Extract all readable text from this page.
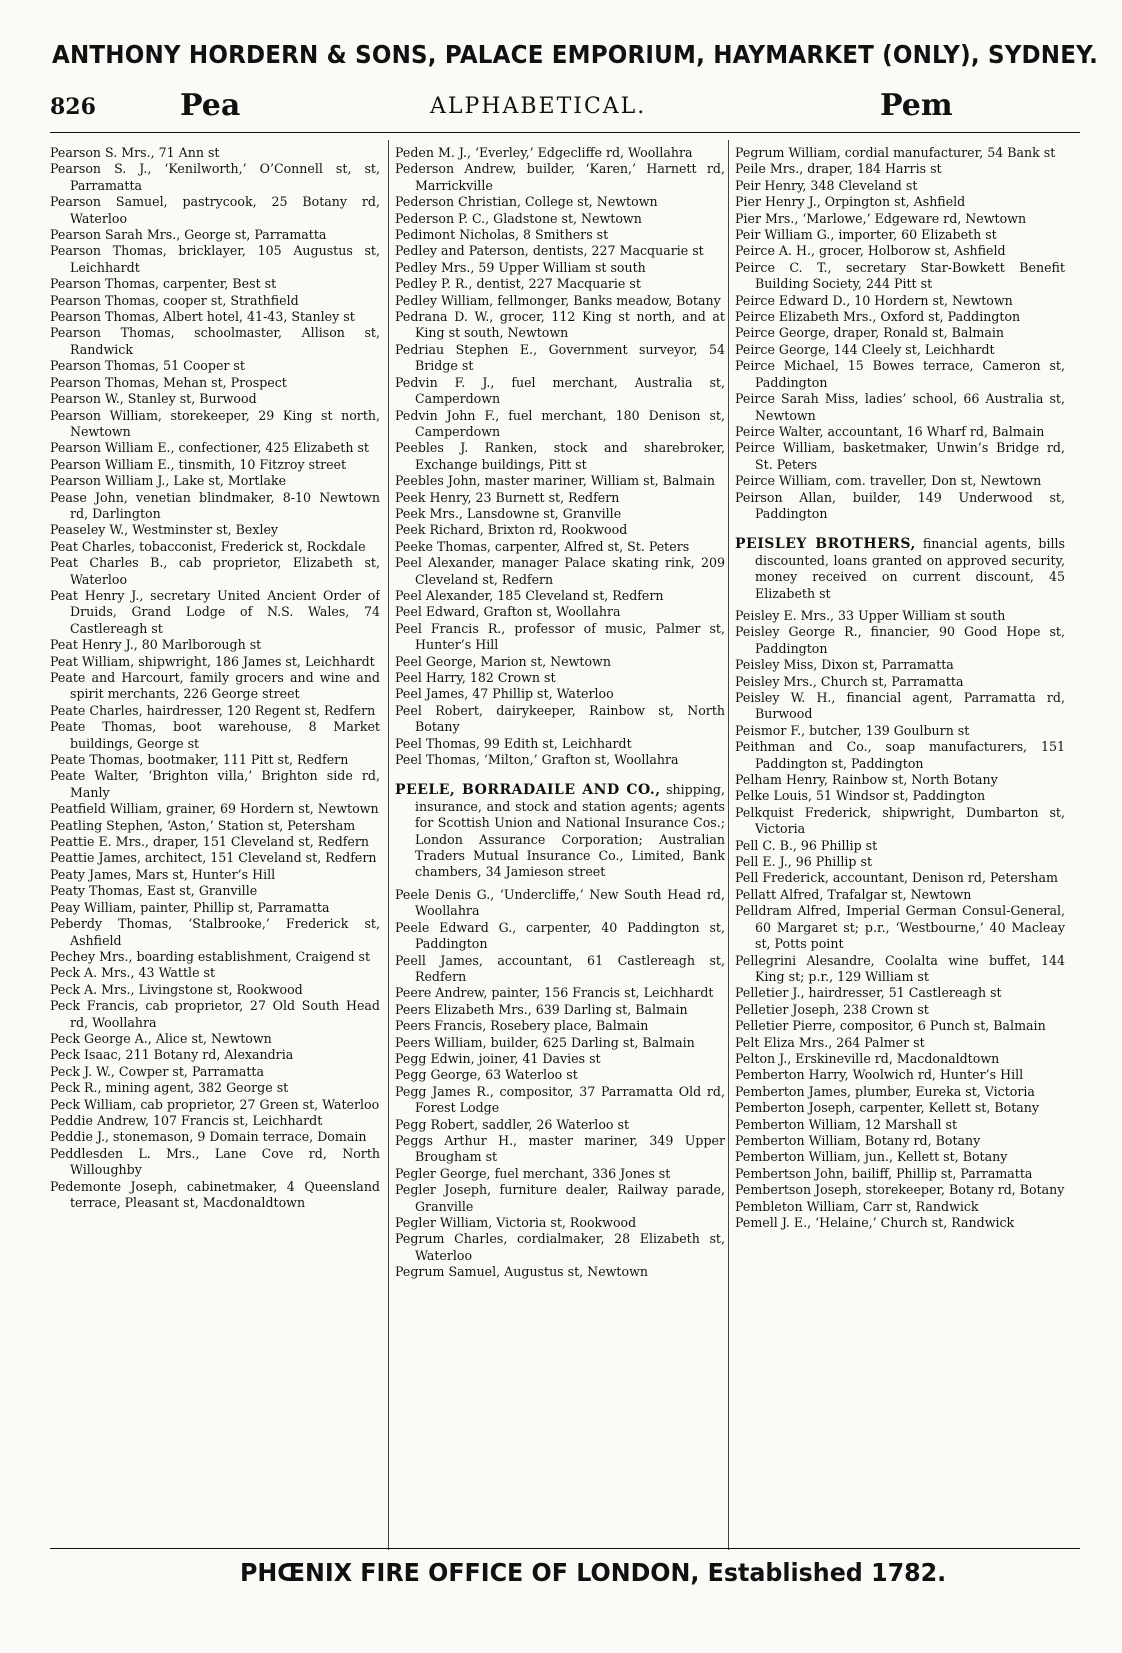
ANTHONY HORDERN & SONS, PALACE EMPORIUM, HAYMARKET (ONLY), SYDNEY.
826	Pea	ALPHABETICAL.	Pem

Pearson S. Mrs., 71 Ann st

Pearson S. J., ‘Kenilworth,’ O’Connell st, st, Parramatta

Pearson Samuel, pastrycook, 25 Botany rd, Waterloo

Pearson Sarah Mrs., George st, Parramatta

Pearson Thomas, bricklayer, 105 Augustus st, Leichhardt

Pearson Thomas, carpenter, Best st

Pearson Thomas, cooper st, Strathfield

Pearson Thomas, Albert hotel, 41-43, Stanley st

Pearson Thomas, schoolmaster, Allison st, Randwick

Pearson Thomas, 51 Cooper st

Pearson Thomas, Mehan st, Prospect

Pearson W., Stanley st, Burwood

Pearson William, storekeeper, 29 King st north, Newtown

Pearson William E., confectioner, 425 Elizabeth st

Pearson William E., tinsmith, 10 Fitzroy street

Pearson William J., Lake st, Mortlake

Pease John, venetian blindmaker, 8-10 Newtown rd, Darlington

Peaseley W., Westminster st, Bexley

Peat Charles, tobacconist, Frederick st, Rockdale

Peat Charles B., cab proprietor, Elizabeth st, Waterloo

Peat Henry J., secretary United Ancient Order of Druids, Grand Lodge of N.S. Wales, 74 Castlereagh st

Peat Henry J., 80 Marlborough st

Peat William, shipwright, 186 James st, Leichhardt

Peate and Harcourt, family grocers and wine and spirit merchants, 226 George street

Peate Charles, hairdresser, 120 Regent st, Redfern

Peate Thomas, boot warehouse, 8 Market buildings, George st

Peate Thomas, bootmaker, 111 Pitt st, Redfern

Peate Walter, ‘Brighton villa,’ Brighton side rd, Manly

Peatfield William, grainer, 69 Hordern st, Newtown

Peatling Stephen, ‘Aston,’ Station st, Petersham

Peattie E. Mrs., draper, 151 Cleveland st, Redfern

Peattie James, architect, 151 Cleveland st, Redfern

Peaty James, Mars st, Hunter’s Hill

Peaty Thomas, East st, Granville

Peay William, painter, Phillip st, Parramatta

Peberdy Thomas, ‘Stalbrooke,’ Frederick st, Ashfield

Pechey Mrs., boarding establishment, Craigend st

Peck A. Mrs., 43 Wattle st

Peck A. Mrs., Livingstone st, Rookwood

Peck Francis, cab proprietor, 27 Old South Head rd, Woollahra

Peck George A., Alice st, Newtown

Peck Isaac, 211 Botany rd, Alexandria

Peck J. W., Cowper st, Parramatta

Peck R., mining agent, 382 George st

Peck William, cab proprietor, 27 Green st, Waterloo

Peddie Andrew, 107 Francis st, Leichhardt

Peddie J., stonemason, 9 Domain terrace, Domain

Peddlesden L. Mrs., Lane Cove rd, North Willoughby

Pedemonte Joseph, cabinetmaker, 4 Queensland terrace, Pleasant st, Macdonaldtown

Peden M. J., ‘Everley,’ Edgecliffe rd, Woollahra

Pederson Andrew, builder, ‘Karen,’ Harnett rd, Marrickville

Pederson Christian, College st, Newtown

Pederson P. C., Gladstone st, Newtown

Pedimont Nicholas, 8 Smithers st

Pedley and Paterson, dentists, 227 Macquarie st

Pedley Mrs., 59 Upper William st south

Pedley P. R., dentist, 227 Macquarie st

Pedley William, fellmonger, Banks meadow, Botany

Pedrana D. W., grocer, 112 King st north, and at King st south, Newtown

Pedriau Stephen E., Government surveyor, 54 Bridge st

Pedvin F. J., fuel merchant, Australia st, Camperdown

Pedvin John F., fuel merchant, 180 Denison st, Camperdown

Peebles J. Ranken, stock and sharebroker, Exchange buildings, Pitt st

Peebles John, master mariner, William st, Balmain

Peek Henry, 23 Burnett st, Redfern

Peek Mrs., Lansdowne st, Granville

Peek Richard, Brixton rd, Rookwood

Peeke Thomas, carpenter, Alfred st, St. Peters

Peel Alexander, manager Palace skating rink, 209 Cleveland st, Redfern

Peel Alexander, 185 Cleveland st, Redfern

Peel Edward, Grafton st, Woollahra

Peel Francis R., professor of music, Palmer st, Hunter’s Hill

Peel George, Marion st, Newtown

Peel Harry, 182 Crown st

Peel James, 47 Phillip st, Waterloo

Peel Robert, dairykeeper, Rainbow st, North Botany

Peel Thomas, 99 Edith st, Leichhardt

Peel Thomas, ‘Milton,’ Grafton st, Woollahra

PEELE, BORRADAILE AND CO., shipping, insurance, and stock and station agents; agents for Scottish Union and National Insurance Cos.; London Assurance Corporation; Australian Traders Mutual Insurance Co., Limited, Bank chambers, 34 Jamieson street

Peele Denis G., ‘Undercliffe,’ New South Head rd, Woollahra

Peele Edward G., carpenter, 40 Paddington st, Paddington

Peell James, accountant, 61 Castlereagh st, Redfern

Peere Andrew, painter, 156 Francis st, Leichhardt

Peers Elizabeth Mrs., 639 Darling st, Balmain

Peers Francis, Rosebery place, Balmain

Peers William, builder, 625 Darling st, Balmain

Pegg Edwin, joiner, 41 Davies st

Pegg George, 63 Waterloo st

Pegg James R., compositor, 37 Parramatta Old rd, Forest Lodge

Pegg Robert, saddler, 26 Waterloo st

Peggs Arthur H., master mariner, 349 Upper Brougham st

Pegler George, fuel merchant, 336 Jones st

Pegler Joseph, furniture dealer, Railway parade, Granville

Pegler William, Victoria st, Rookwood

Pegrum Charles, cordialmaker, 28 Elizabeth st, Waterloo

Pegrum Samuel, Augustus st, Newtown

Pegrum William, cordial manufacturer, 54 Bank st

Peile Mrs., draper, 184 Harris st

Peir Henry, 348 Cleveland st

Pier Henry J., Orpington st, Ashfield

Pier Mrs., ‘Marlowe,’ Edgeware rd, Newtown

Peir William G., importer, 60 Elizabeth st

Peirce A. H., grocer, Holborow st, Ashfield

Peirce C. T., secretary Star-Bowkett Benefit Building Society, 244 Pitt st

Peirce Edward D., 10 Hordern st, Newtown

Peirce Elizabeth Mrs., Oxford st, Paddington

Peirce George, draper, Ronald st, Balmain

Peirce George, 144 Cleely st, Leichhardt

Peirce Michael, 15 Bowes terrace, Cameron st, Paddington

Peirce Sarah Miss, ladies’ school, 66 Australia st, Newtown

Peirce Walter, accountant, 16 Wharf rd, Balmain

Peirce William, basketmaker, Unwin’s Bridge rd, St. Peters

Peirce William, com. traveller, Don st, Newtown

Peirson Allan, builder, 149 Underwood st, Paddington

PEISLEY BROTHERS, financial agents, bills discounted, loans granted on approved security, money received on current discount, 45 Elizabeth st

Peisley E. Mrs., 33 Upper William st south

Peisley George R., financier, 90 Good Hope st, Paddington

Peisley Miss, Dixon st, Parramatta

Peisley Mrs., Church st, Parramatta

Peisley W. H., financial agent, Parramatta rd, Burwood

Peismor F., butcher, 139 Goulburn st

Peithman and Co., soap manufacturers, 151 Paddington st, Paddington

Pelham Henry, Rainbow st, North Botany

Pelke Louis, 51 Windsor st, Paddington

Pelkquist Frederick, shipwright, Dumbarton st, Victoria

Pell C. B., 96 Phillip st

Pell E. J., 96 Phillip st

Pell Frederick, accountant, Denison rd, Petersham

Pellatt Alfred, Trafalgar st, Newtown

Pelldram Alfred, Imperial German Consul-General, 60 Margaret st; p.r., ‘Westbourne,’ 40 Macleay st, Potts point

Pellegrini Alesandre, Coolalta wine buffet, 144 King st; p.r., 129 William st

Pelletier J., hairdresser, 51 Castlereagh st

Pelletier Joseph, 238 Crown st

Pelletier Pierre, compositor, 6 Punch st, Balmain

Pelt Eliza Mrs., 264 Palmer st

Pelton J., Erskineville rd, Macdonaldtown

Pemberton Harry, Woolwich rd, Hunter’s Hill

Pemberton James, plumber, Eureka st, Victoria

Pemberton Joseph, carpenter, Kellett st, Botany

Pemberton William, 12 Marshall st

Pemberton William, Botany rd, Botany

Pemberton William, jun., Kellett st, Botany

Pembertson John, bailiff, Phillip st, Parramatta

Pembertson Joseph, storekeeper, Botany rd, Botany

Pembleton William, Carr st, Randwick

Pemell J. E., ‘Helaine,’ Church st, Randwick

PHŒNIX FIRE OFFICE OF LONDON, Established 1782.
